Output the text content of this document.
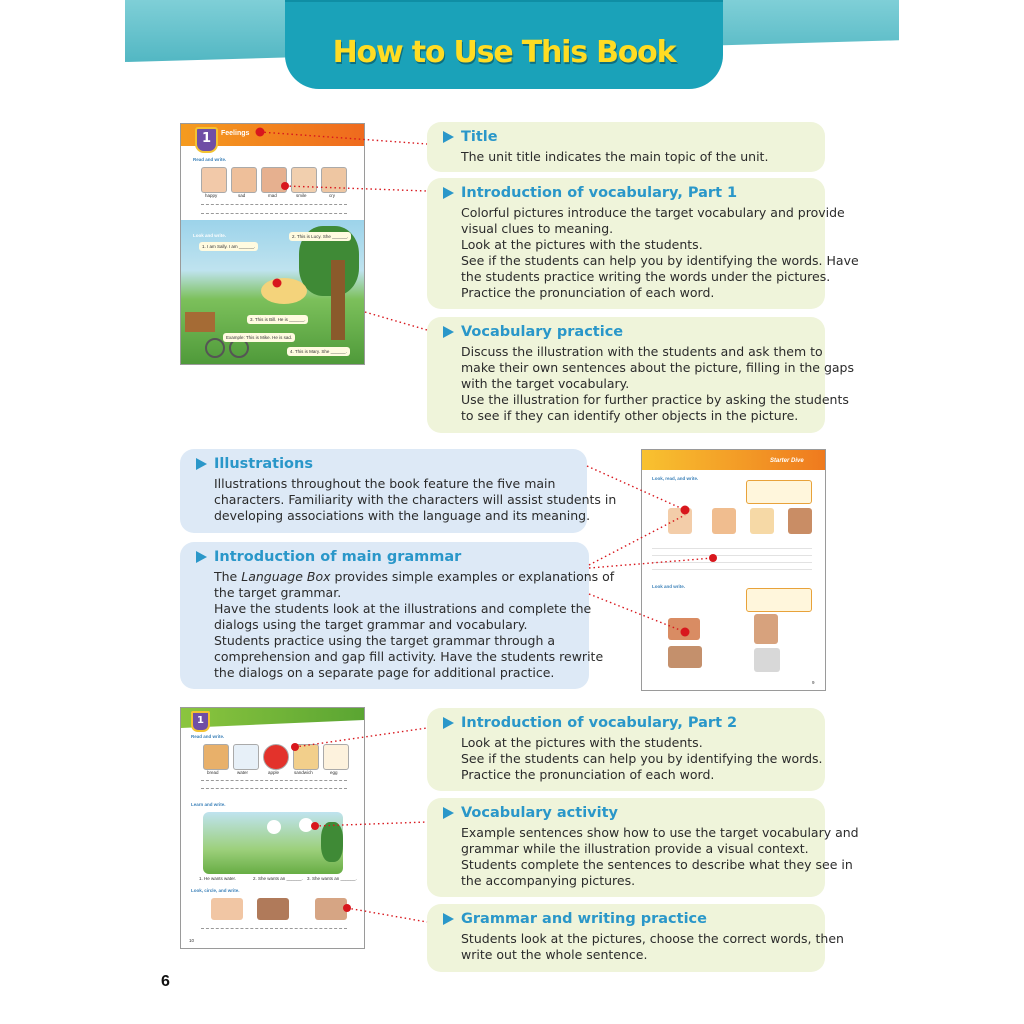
How to Use This Book
1	Feelings
Read and write.
happy	sad	mad	smile	cry
Look and write.
1. I am Sally. I am ______.
2. This is Lucy. She ______.
3. This is Bill. He is ______.
Example: This is Mike. He is sad.
4. This is Mary. She ______.
Starter Dive
Look, read, and write.
Look and write.
9
1
Read and write.
bread	water	apple	sandwich	egg
Learn and write.
1. He wants water.	2. She wants an ______. 3. She wants an ______.
Look, circle, and write.
10
Title
The unit title indicates the main topic of the unit.
Introduction of vocabulary, Part 1
Colorful pictures introduce the target vocabulary and provide
visual clues to meaning.
Look at the pictures with the students.
See if the students can help you by identifying the words. Have
the students practice writing the words under the pictures.
Practice the pronunciation of each word.
Vocabulary practice
Discuss the illustration with the students and ask them to
make their own sentences about the picture, filling in the gaps
with the target vocabulary.
Use the illustration for further practice by asking the students
to see if they can identify other objects in the picture.
Illustrations
Illustrations throughout the book feature the five main
characters. Familiarity with the characters will assist students in
developing associations with the language and its meaning.
Introduction of main grammar
The Language Box provides simple examples or explanations of
the target grammar.
Have the students look at the illustrations and complete the
dialogs using the target grammar and vocabulary.
Students practice using the target grammar through a
comprehension and gap fill activity. Have the students rewrite
the dialogs on a separate page for additional practice.
Introduction of vocabulary, Part 2
Look at the pictures with the students.
See if the students can help you by identifying the words.
Practice the pronunciation of each word.
Vocabulary activity
Example sentences show how to use the target vocabulary and
grammar while the illustration provide a visual context.
Students complete the sentences to describe what they see in
the accompanying pictures.
Grammar and writing practice
Students look at the pictures, choose the correct words, then
write out the whole sentence.
6
